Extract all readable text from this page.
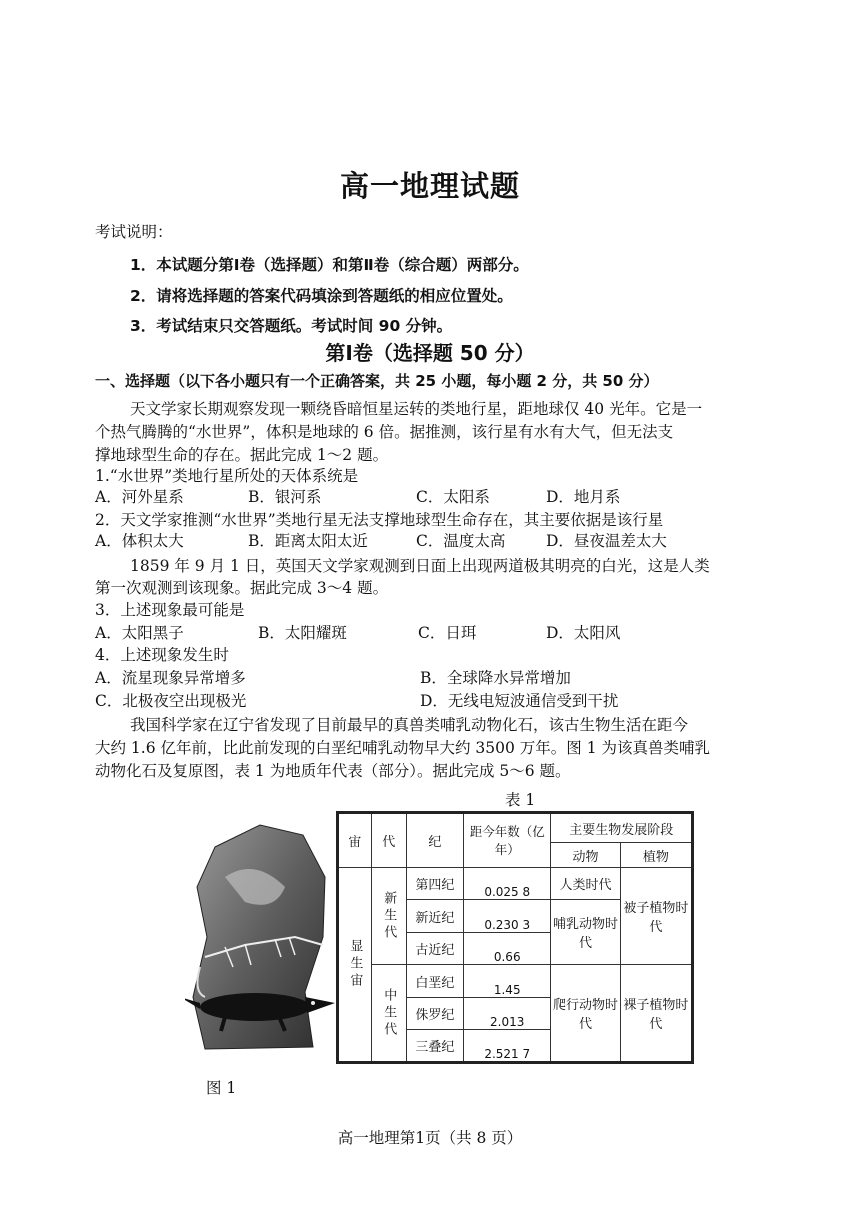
高一地理试题
考试说明：
1．本试题分第Ⅰ卷（选择题）和第Ⅱ卷（综合题）两部分。
2．请将选择题的答案代码填涂到答题纸的相应位置处。
3．考试结束只交答题纸。考试时间 90 分钟。
第Ⅰ卷（选择题 50 分）
一、选择题（以下各小题只有一个正确答案，共 25 小题，每小题 2 分，共 50 分）
天文学家长期观察发现一颗绕昏暗恒星运转的类地行星，距地球仅 40 光年。它是一
个热气腾腾的“水世界”，体积是地球的 6 倍。据推测，该行星有水有大气，但无法支
撑地球型生命的存在。据此完成 1～2 题。
1.“水世界”类地行星所处的天体系统是
A．河外星系	B．银河系	C．太阳系	D．地月系
2．天文学家推测“水世界”类地行星无法支撑地球型生命存在，其主要依据是该行星
A．体积太大	B．距离太阳太近	C．温度太高	D．昼夜温差太大
1859 年 9 月 1 日，英国天文学家观测到日面上出现两道极其明亮的白光，这是人类
第一次观测到该现象。据此完成 3～4 题。
3．上述现象最可能是
A．太阳黑子	B．太阳耀斑	C．日珥	D．太阳风
4．上述现象发生时
A．流星现象异常增多	B．全球降水异常增加
C．北极夜空出现极光	D．无线电短波通信受到干扰
我国科学家在辽宁省发现了目前最早的真兽类哺乳动物化石，该古生物生活在距今
大约 1.6 亿年前，比此前发现的白垩纪哺乳动物早大约 3500 万年。图 1 为该真兽类哺乳
动物化石及复原图，表 1 为地质年代表（部分）。据此完成 5～6 题。
表 1
图 1
宙	代	纪	距今年数（亿年）	主要生物发展阶段	
				动物	植物
显生宙	新生代	第四纪	0.025 8	人类时代	被子植物时代
		新近纪	0.230 3	哺乳动物时代	
		古近纪	0.66		
	中生代	白垩纪	1.45	爬行动物时代	裸子植物时代
		侏罗纪	2.013		
		三叠纪	2.521 7		
高一地理第1页（共 8 页）
